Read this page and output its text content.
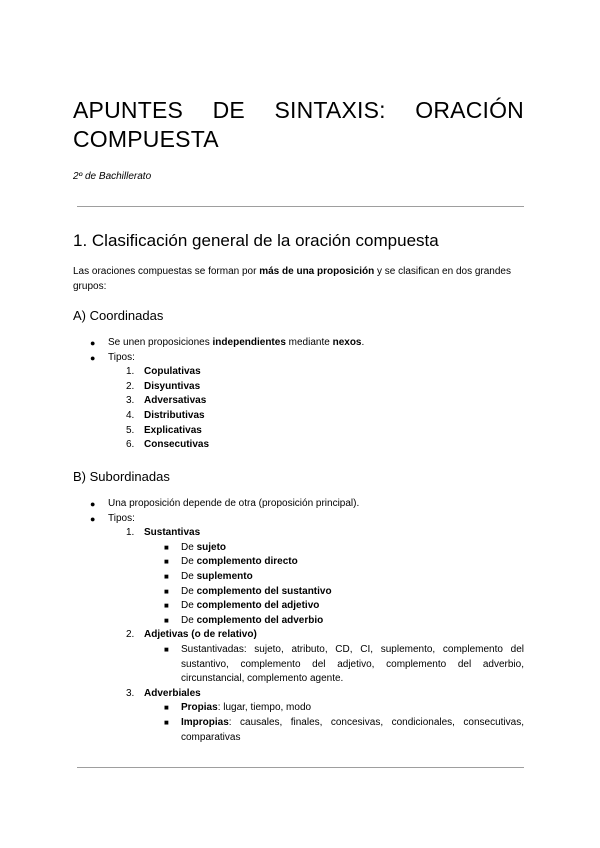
APUNTES DE SINTAXIS: ORACIÓN
COMPUESTA
2º de Bachillerato
1. Clasificación general de la oración compuesta
Las oraciones compuestas se forman por más de una proposición y se clasifican en dos grandes grupos:
A) Coordinadas
● Se unen proposiciones independientes mediante nexos.
● Tipos:
1. Copulativas
2. Disyuntivas
3. Adversativas
4. Distributivas
5. Explicativas
6. Consecutivas
B) Subordinadas
● Una proposición depende de otra (proposición principal).
● Tipos:
1. Sustantivas
■ De sujeto
■ De complemento directo
■ De suplemento
■ De complemento del sustantivo
■ De complemento del adjetivo
■ De complemento del adverbio
2. Adjetivas (o de relativo)
■ Sustantivadas: sujeto, atributo, CD, CI, suplemento, complemento del sustantivo, complemento del adjetivo, complemento del adverbio, circunstancial, complemento agente.
3. Adverbiales
■ Propias: lugar, tiempo, modo
■ Impropias: causales, finales, concesivas, condicionales, consecutivas, comparativas
